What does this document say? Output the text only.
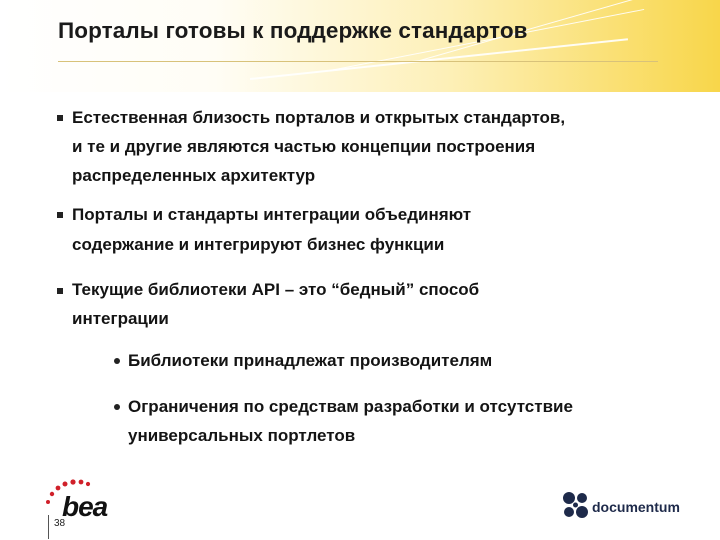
Порталы готовы к поддержке стандартов
Естественная близость порталов и открытых стандартов,
и те и другие являются частью концепции построения
распределенных архитектур
Порталы и стандарты интеграции объединяют
содержание и интегрируют бизнес функции
Текущие библиотеки API – это “бедный” способ
интеграции
Библиотеки принадлежат производителям
Ограничения по средствам разработки и отсутствие
универсальных портлетов
bea
38
documentum
